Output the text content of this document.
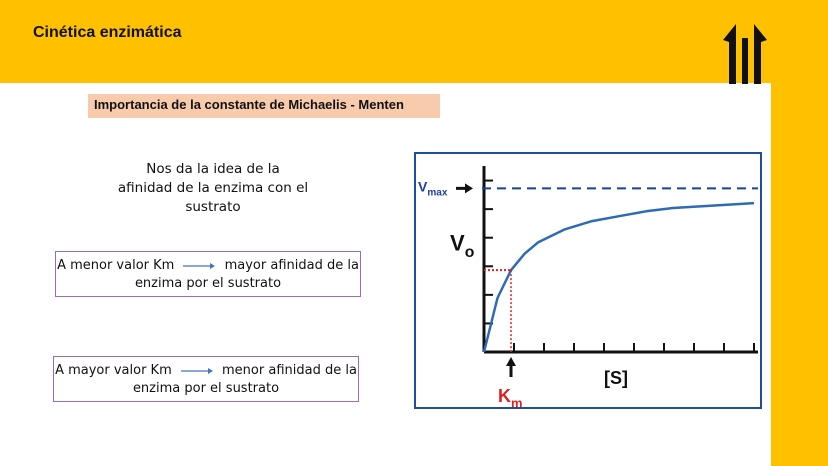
Cinética enzimática
Importancia de la constante de Michaelis - Menten
Nos da la idea de la
afinidad de la enzima con el
sustrato
A menor valor Km	mayor afinidad de la
enzima por el sustrato
A mayor valor Km	menor afinidad de la
enzima por el sustrato
$V_{max}$
$V_o$
[S]
$K_m$
